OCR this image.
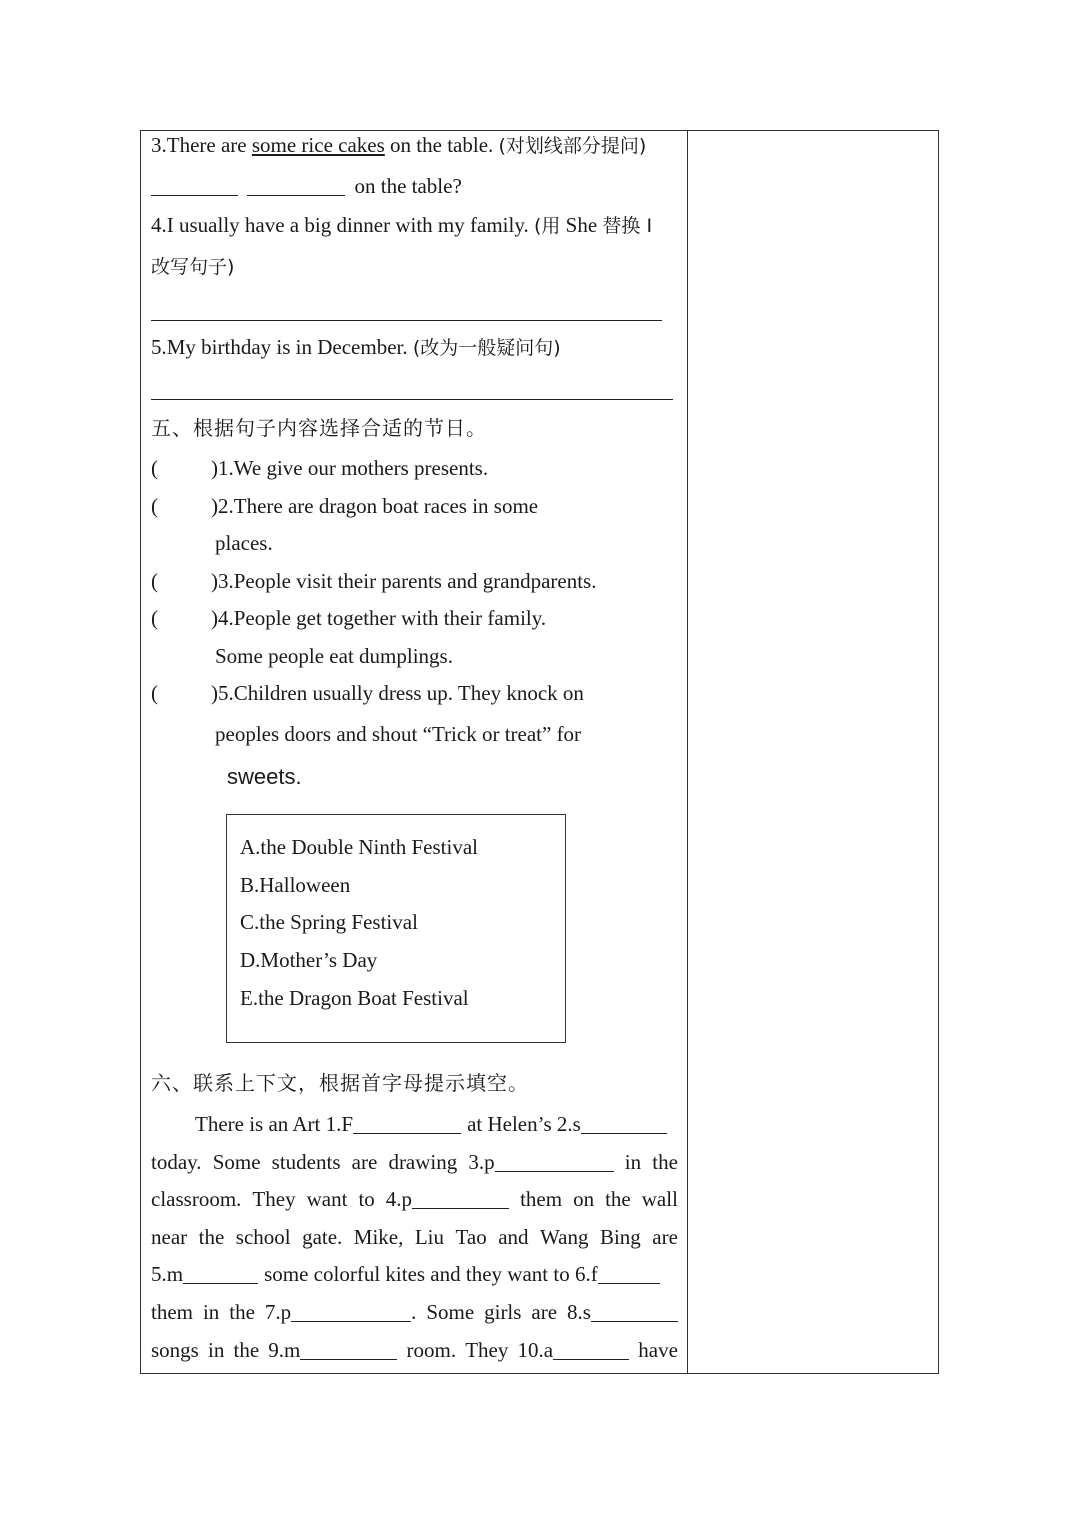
3.There are some rice cakes on the table. (对划线部分提问)
on the table?
4.I usually have a big dinner with my family. (用 She 替换 I
改写句子)
5.My birthday is in December. (改为一般疑问句)
五、根据句子内容选择合适的节日。
(	)1.We give our mothers presents.
(	)2.There are dragon boat races in some
places.
(	)3.People visit their parents and grandparents.
(	)4.People get together with their family.
Some people eat dumplings.
(	)5.Children usually dress up. They knock on
peoples doors and shout “Trick or treat” for
sweets.
A.the Double Ninth Festival
B.Halloween
C.the Spring Festival
D.Mother’s Day
E.the Dragon Boat Festival
六、联系上下文，根据首字母提示填空。
There is an Art 1.F	at Helen’s 2.s
today. Some students are drawing 3.p	in the
classroom. They want to 4.p	them on the wall
near the school gate. Mike, Liu Tao and Wang Bing are
5.m	some colorful kites and they want to 6.f
them in the 7.p	. Some girls are 8.s
songs in the 9.m	room. They 10.a	have
